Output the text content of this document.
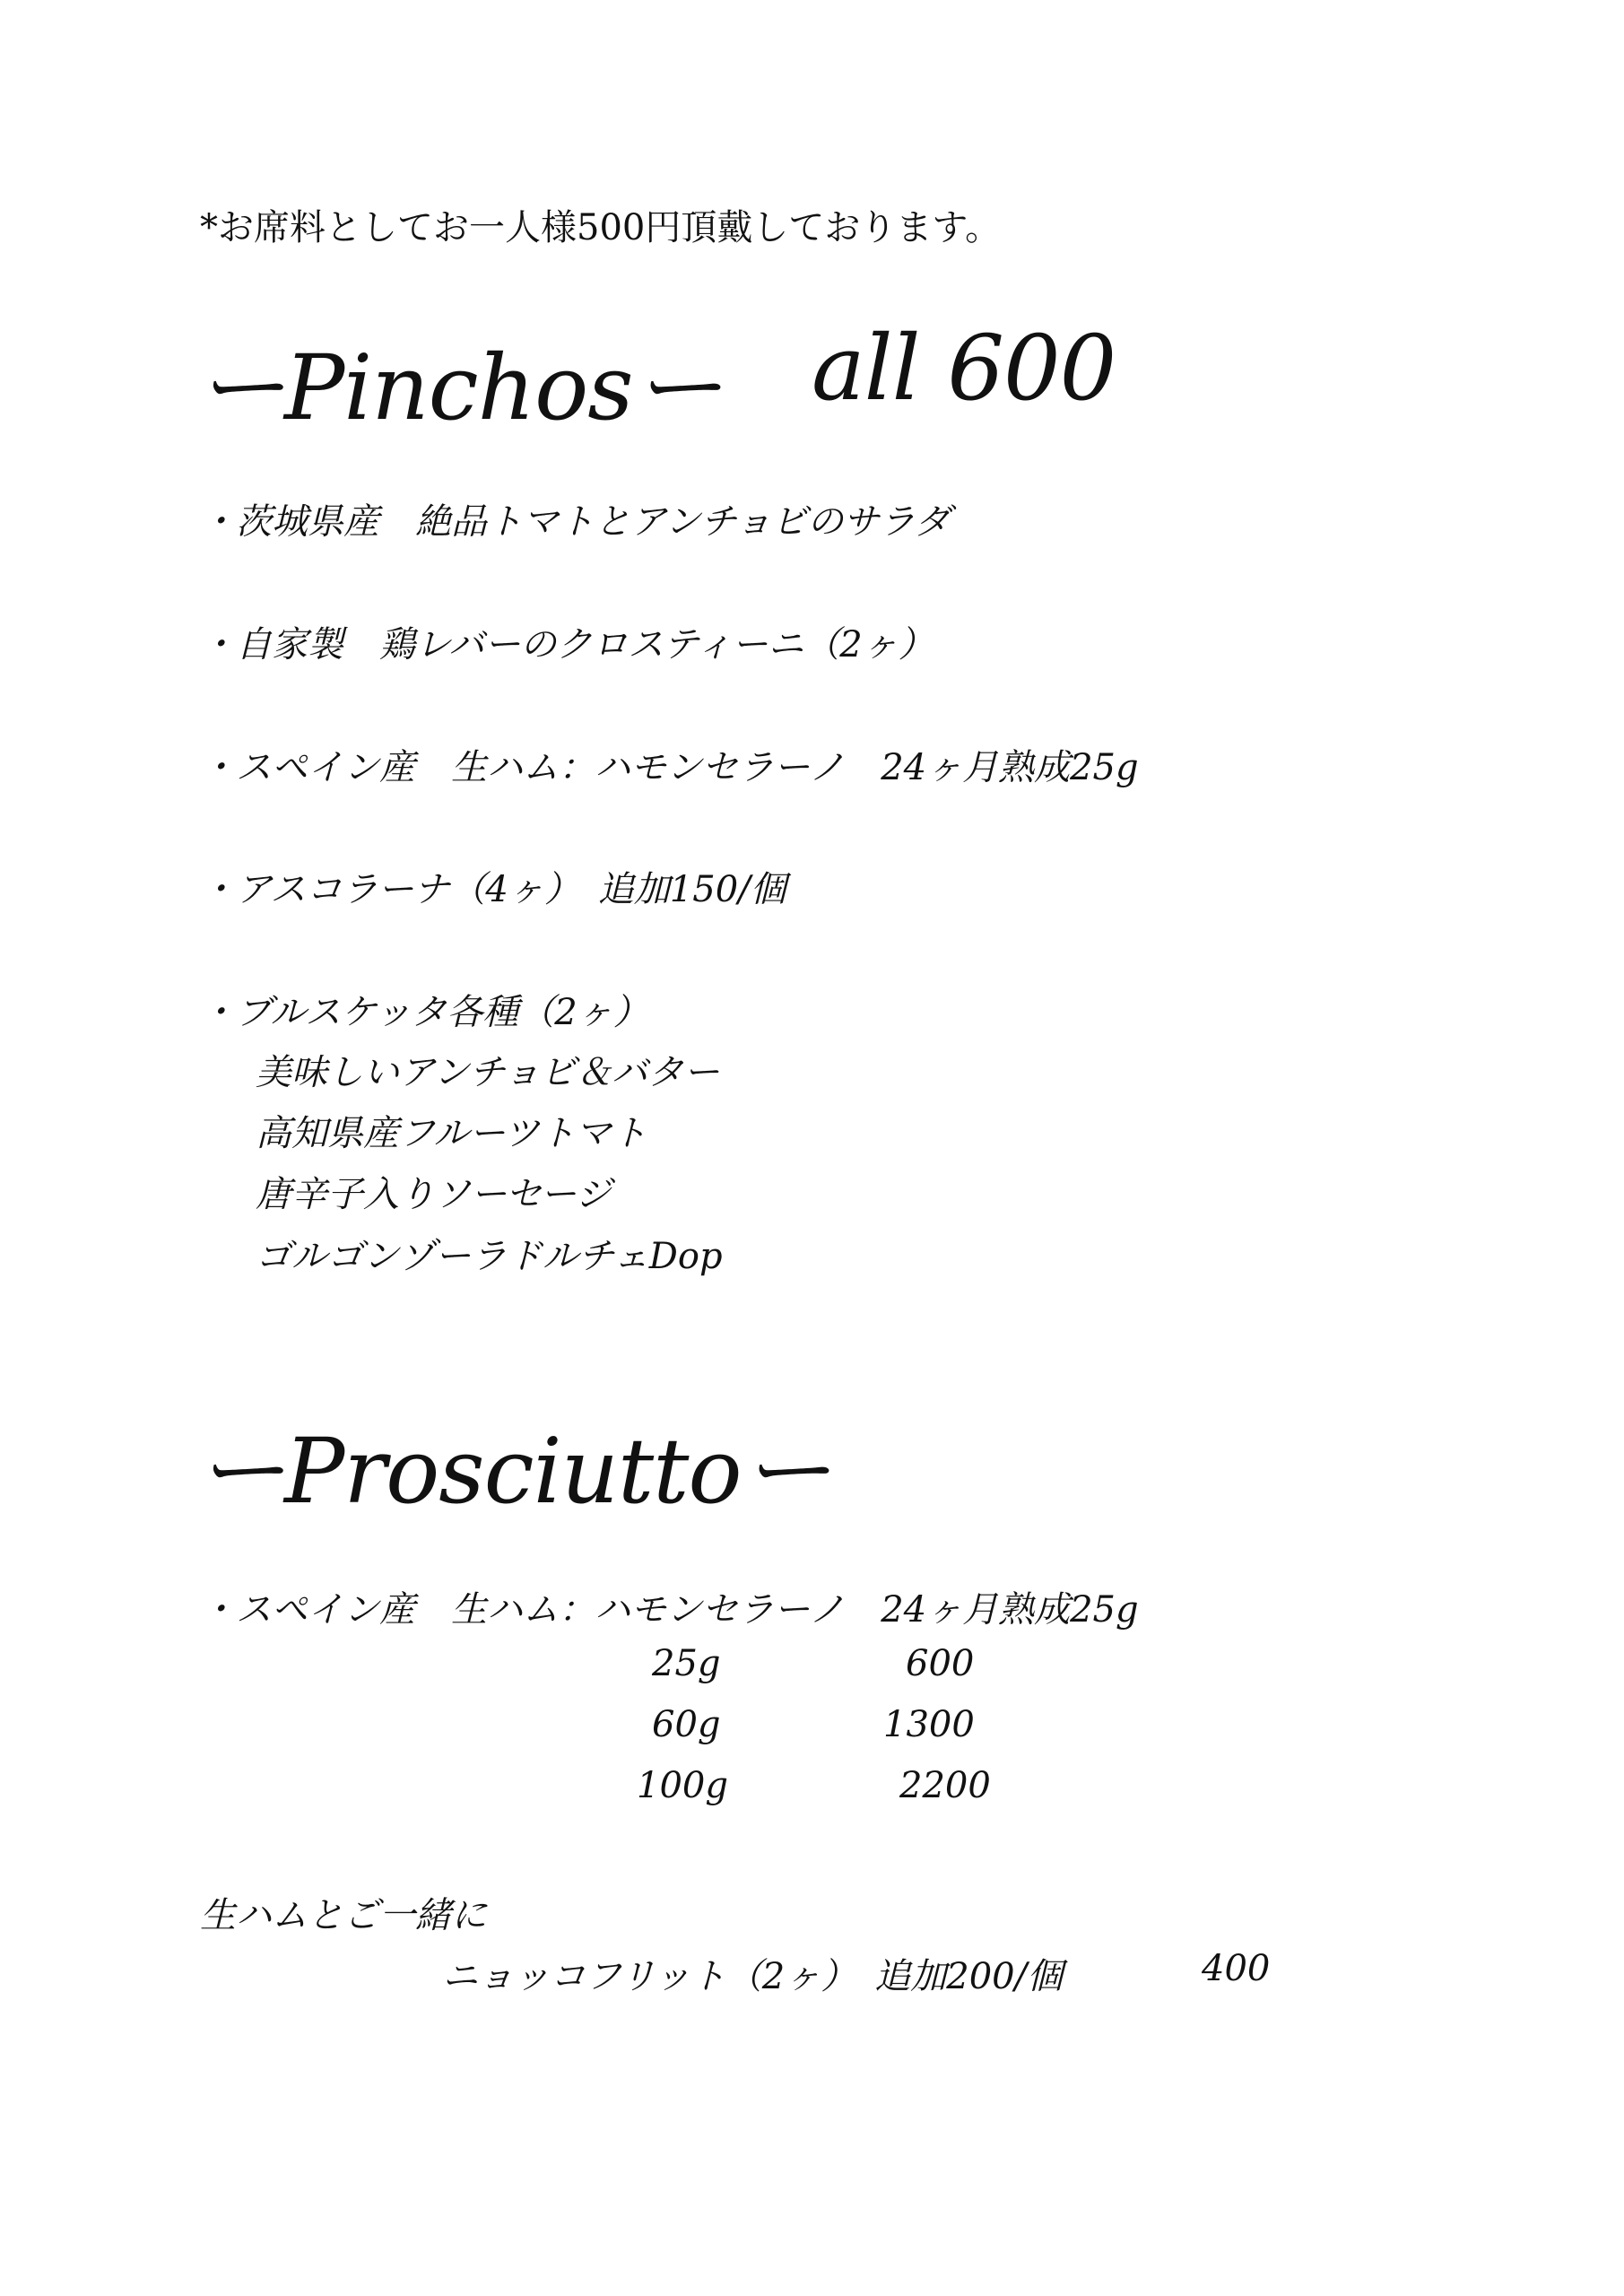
*お席料としてお一人様500円頂戴しております。
ーPinchosー all 600
・茨城県産　絶品トマトとアンチョビのサラダ
・自家製　鶏レバーのクロスティーニ（2ヶ）
・スペイン産　生ハム：ハモンセラーノ　24ヶ月熟成25g
・アスコラーナ（4ヶ）　追加150/個
・ブルスケッタ各種（2ヶ）
美味しいアンチョビ＆バター
高知県産フルーツトマト
唐辛子入りソーセージ
ゴルゴンゾーラドルチェDop
ーProsciuttoー
・スペイン産　生ハム：ハモンセラーノ　24ヶ月熟成25g
25g	600
60g	1300
100g	2200
生ハムとご一緒に
ニョッコフリット（2ヶ）　追加200/個	400
